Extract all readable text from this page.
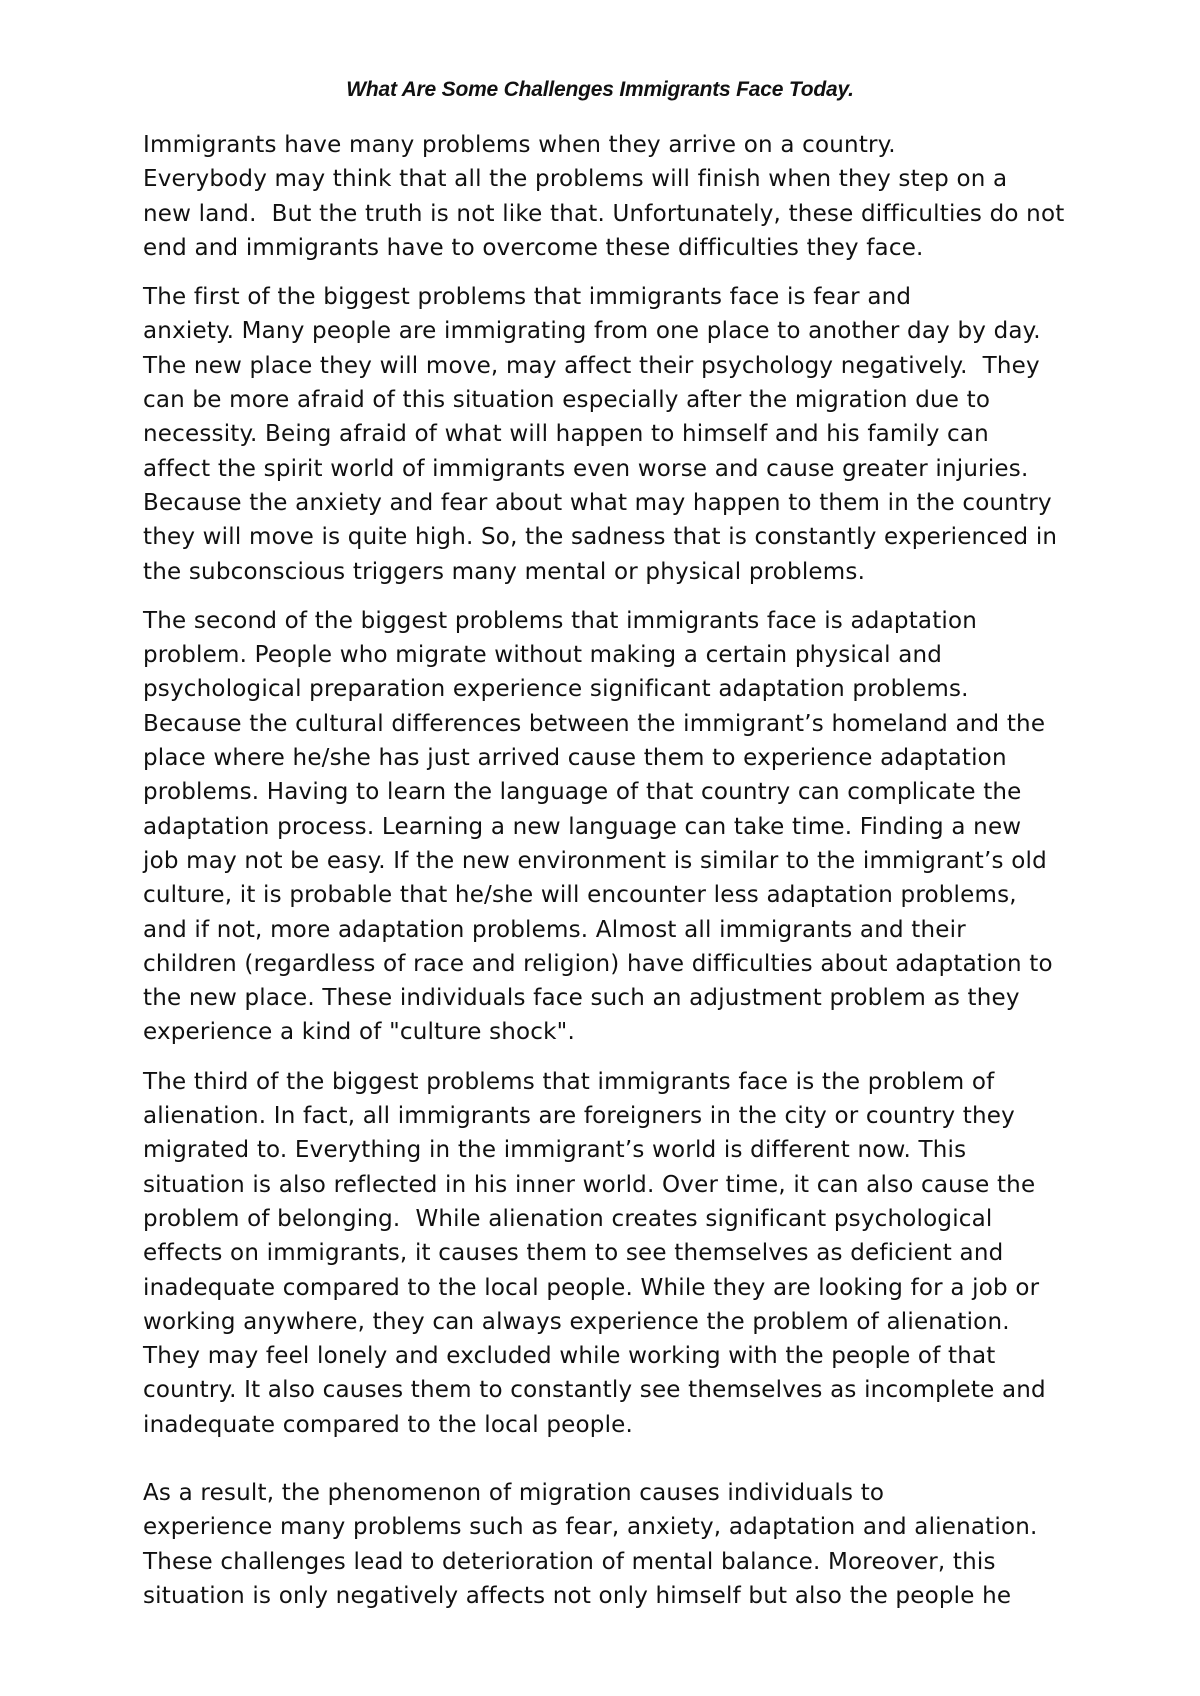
What Are Some Challenges Immigrants Face Today.

Immigrants have many problems when they arrive on a country.
Everybody may think that all the problems will finish when they step on a
new land.  But the truth is not like that. Unfortunately, these difficulties do not
end and immigrants have to overcome these difficulties they face.

The first of the biggest problems that immigrants face is fear and
anxiety. Many people are immigrating from one place to another day by day.
The new place they will move, may affect their psychology negatively.  They
can be more afraid of this situation especially after the migration due to
necessity. Being afraid of what will happen to himself and his family can
affect the spirit world of immigrants even worse and cause greater injuries.
Because the anxiety and fear about what may happen to them in the country
they will move is quite high. So, the sadness that is constantly experienced in
the subconscious triggers many mental or physical problems.

The second of the biggest problems that immigrants face is adaptation
problem. People who migrate without making a certain physical and
psychological preparation experience significant adaptation problems.
Because the cultural differences between the immigrant’s homeland and the
place where he/she has just arrived cause them to experience adaptation
problems. Having to learn the language of that country can complicate the
adaptation process. Learning a new language can take time. Finding a new
job may not be easy. If the new environment is similar to the immigrant’s old
culture, it is probable that he/she will encounter less adaptation problems,
and if not, more adaptation problems. Almost all immigrants and their
children (regardless of race and religion) have difficulties about adaptation to
the new place. These individuals face such an adjustment problem as they
experience a kind of "culture shock".

The third of the biggest problems that immigrants face is the problem of
alienation. In fact, all immigrants are foreigners in the city or country they
migrated to. Everything in the immigrant’s world is different now. This
situation is also reflected in his inner world. Over time, it can also cause the
problem of belonging.  While alienation creates significant psychological
effects on immigrants, it causes them to see themselves as deficient and
inadequate compared to the local people. While they are looking for a job or
working anywhere, they can always experience the problem of alienation.
They may feel lonely and excluded while working with the people of that
country. It also causes them to constantly see themselves as incomplete and
inadequate compared to the local people.

As a result, the phenomenon of migration causes individuals to
experience many problems such as fear, anxiety, adaptation and alienation.
These challenges lead to deterioration of mental balance. Moreover, this
situation is only negatively affects not only himself but also the people he
